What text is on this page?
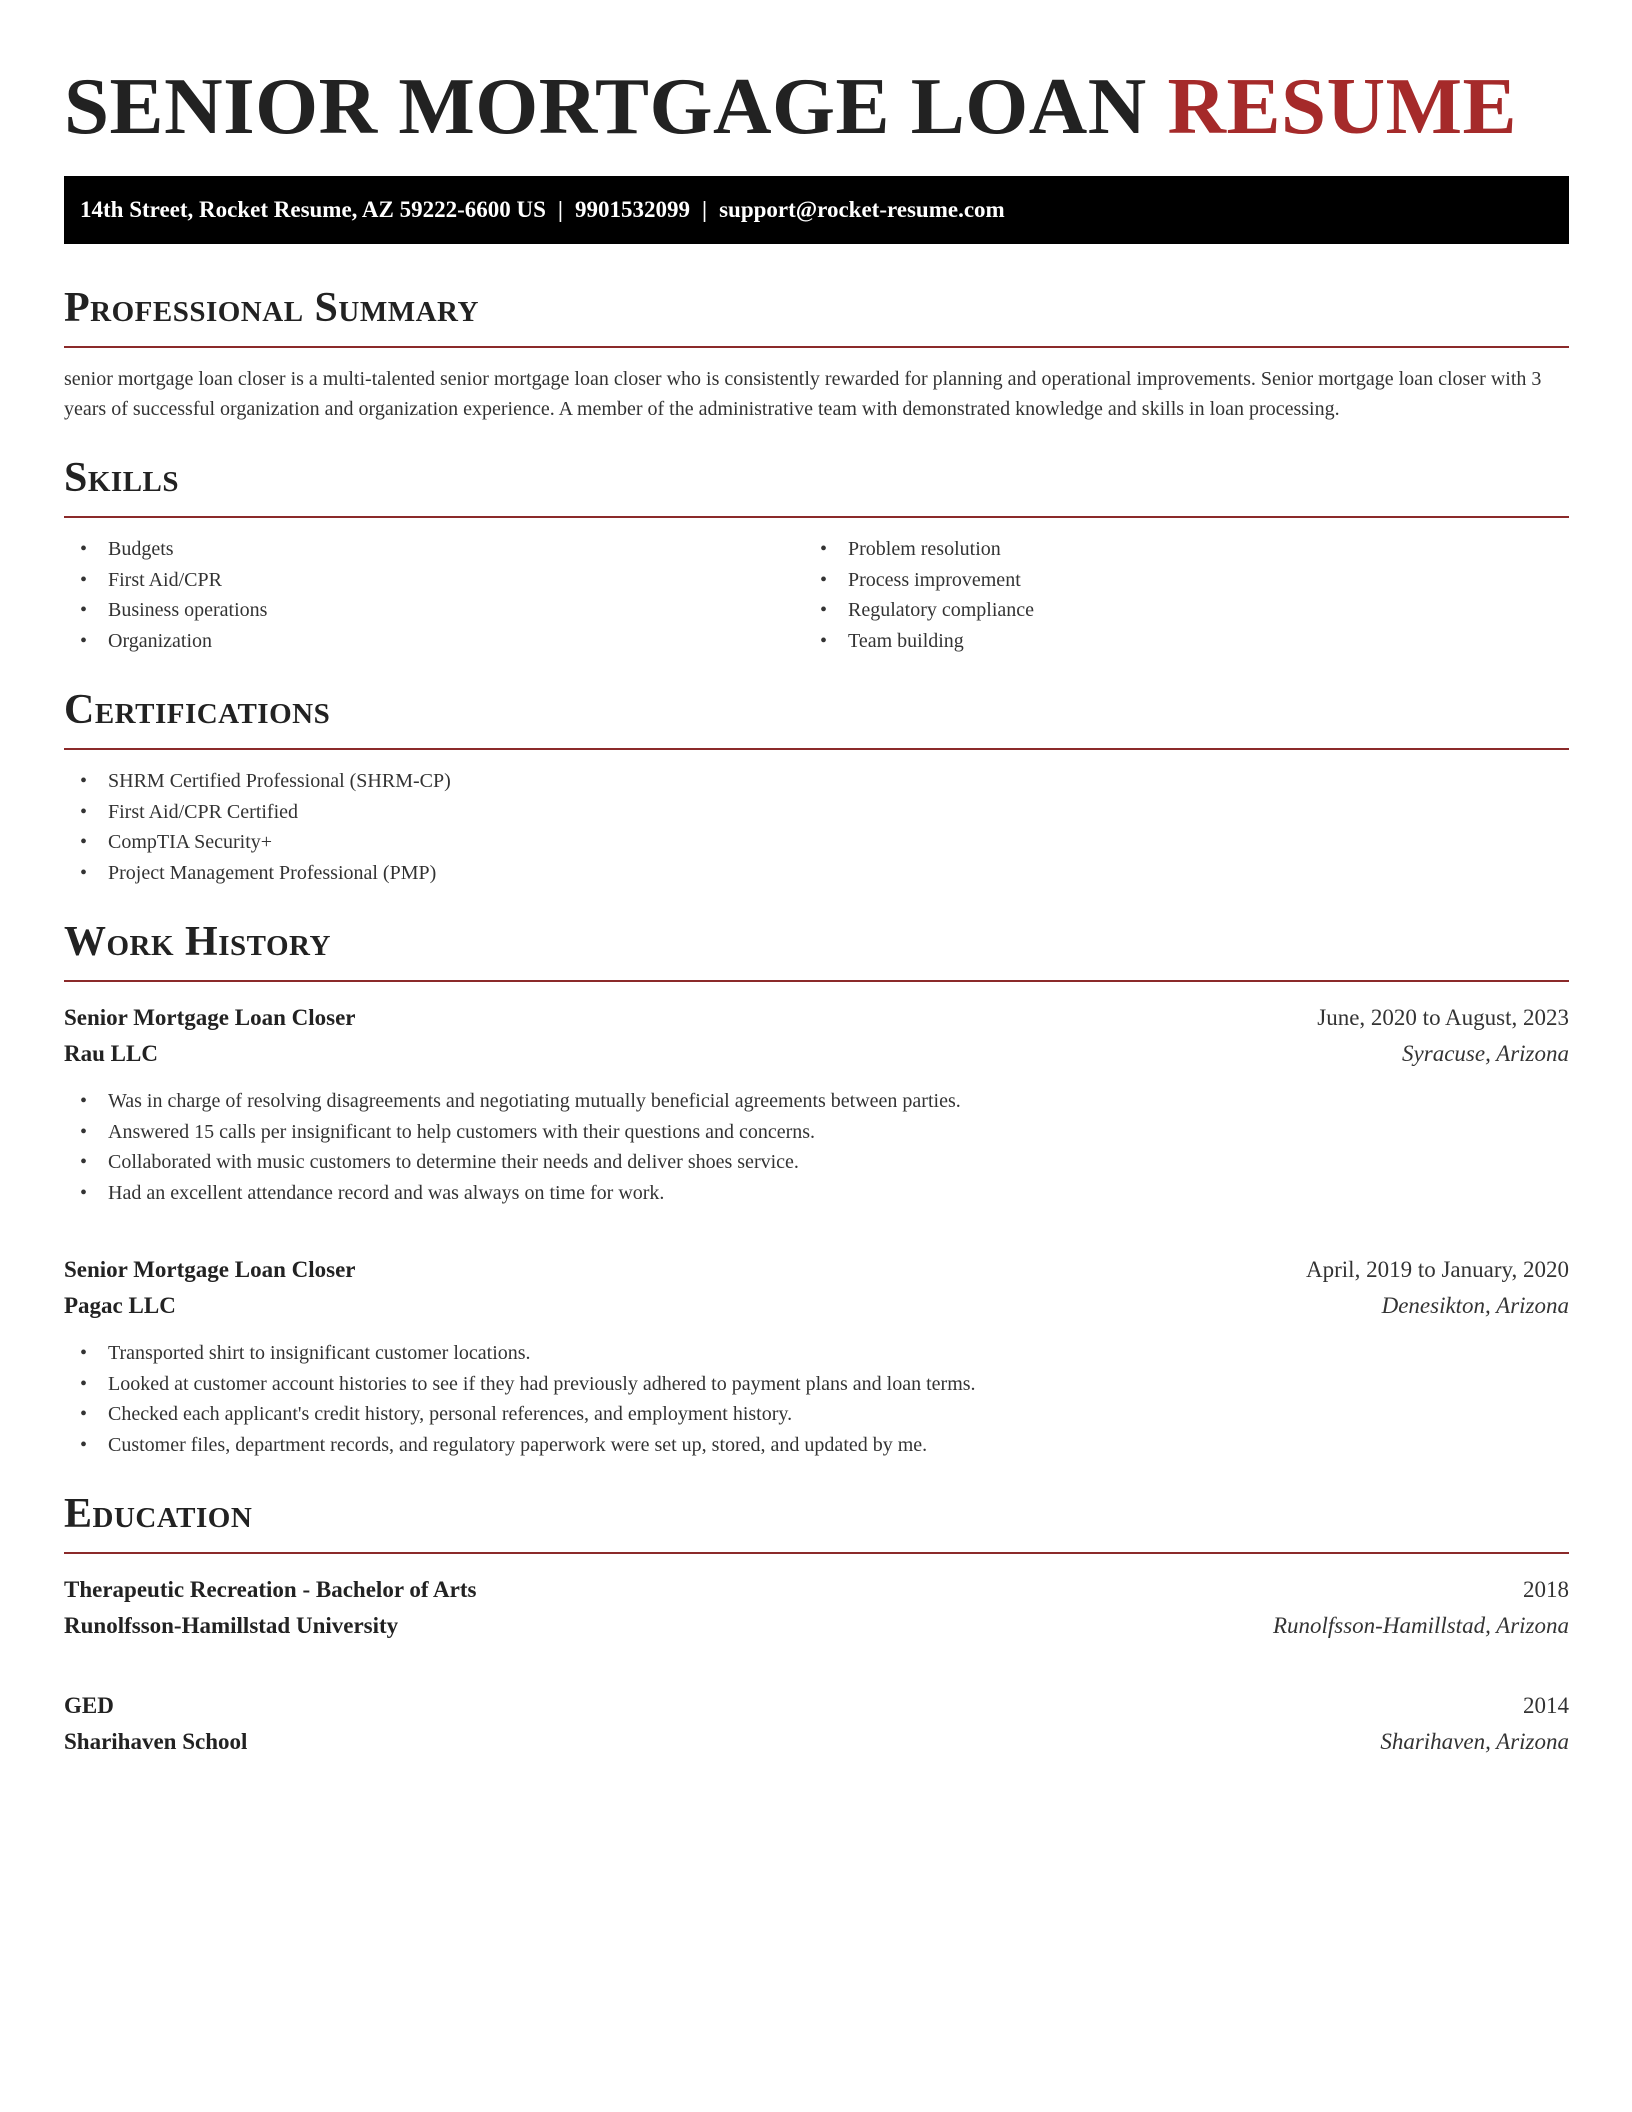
SENIOR MORTGAGE LOAN RESUME
14th Street, Rocket Resume, AZ 59222-6600 US | 9901532099 | support@rocket-resume.com
Professional Summary

senior mortgage loan closer is a multi-talented senior mortgage loan closer who is consistently rewarded for planning and operational improvements. Senior mortgage loan closer with 3 years of successful organization and organization experience. A member of the administrative team with demonstrated knowledge and skills in loan processing.

Skills
• Budgets
• First Aid/CPR
• Business operations
• Organization
• Problem resolution
• Process improvement
• Regulatory compliance
• Team building
Certifications
• SHRM Certified Professional (SHRM-CP)
• First Aid/CPR Certified
• CompTIA Security+
• Project Management Professional (PMP)
Work History
Senior Mortgage Loan Closer	June, 2020 to August, 2023
Rau LLC	Syracuse, Arizona
• Was in charge of resolving disagreements and negotiating mutually beneficial agreements between parties.
• Answered 15 calls per insignificant to help customers with their questions and concerns.
• Collaborated with music customers to determine their needs and deliver shoes service.
• Had an excellent attendance record and was always on time for work.
Senior Mortgage Loan Closer	April, 2019 to January, 2020
Pagac LLC	Denesikton, Arizona
• Transported shirt to insignificant customer locations.
• Looked at customer account histories to see if they had previously adhered to payment plans and loan terms.
• Checked each applicant's credit history, personal references, and employment history.
• Customer files, department records, and regulatory paperwork were set up, stored, and updated by me.
Education
Therapeutic Recreation - Bachelor of Arts	2018
Runolfsson-Hamillstad University	Runolfsson-Hamillstad, Arizona
GED	2014
Sharihaven School	Sharihaven, Arizona
